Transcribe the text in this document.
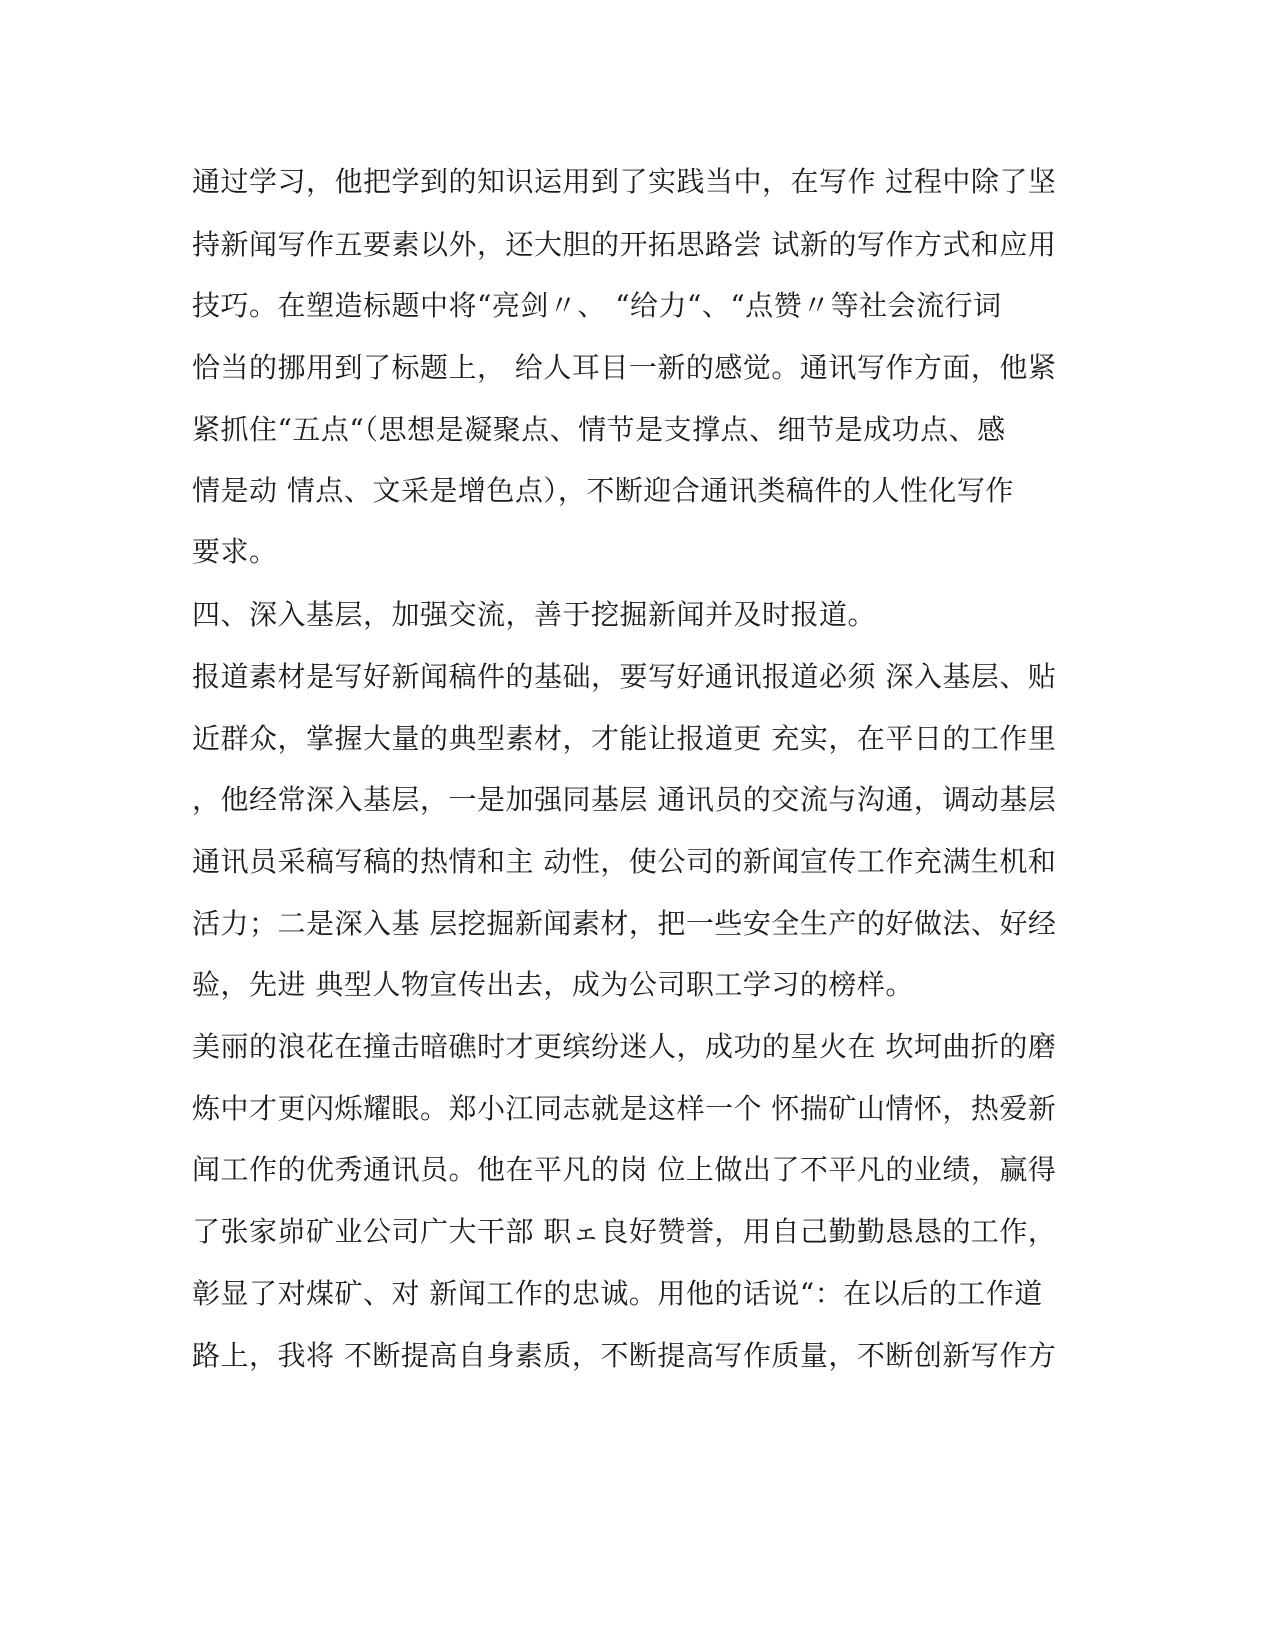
通过学习，他把学到的知识运用到了实践当中，在写作 过程中除了坚
持新闻写作五要素以外，还大胆的开拓思路尝 试新的写作方式和应用
技巧。在塑造标题中将“亮剑〃、 “给力“、“点赞〃等社会流行词
恰当的挪用到了标题上， 给人耳目一新的感觉。通讯写作方面，他紧
紧抓住“五点“（思想是凝聚点、情节是支撑点、细节是成功点、感
情是动 情点、文采是增色点），不断迎合通讯类稿件的人性化写作
要求。
四、深入基层，加强交流，善于挖掘新闻并及时报道。
报道素材是写好新闻稿件的基础，要写好通讯报道必须 深入基层、贴
近群众，掌握大量的典型素材，才能让报道更 充实，在平日的工作里
，他经常深入基层，一是加强同基层 通讯员的交流与沟通，调动基层
通讯员采稿写稿的热情和主 动性，使公司的新闻宣传工作充满生机和
活力；二是深入基 层挖掘新闻素材，把一些安全生产的好做法、好经
验，先进 典型人物宣传出去，成为公司职工学习的榜样。
美丽的浪花在撞击暗礁时才更缤纷迷人，成功的星火在 坎坷曲折的磨
炼中才更闪烁耀眼。郑小江同志就是这样一个 怀揣矿山情怀，热爱新
闻工作的优秀通讯员。他在平凡的岗 位上做出了不平凡的业绩，赢得
了张家峁矿业公司广大干部 职ェ良好赞誉，用自己勤勤恳恳的工作，
彰显了对煤矿、对 新闻工作的忠诚。用他的话说“：在以后的工作道
路上，我将 不断提高自身素质，不断提高写作质量，不断创新写作方
